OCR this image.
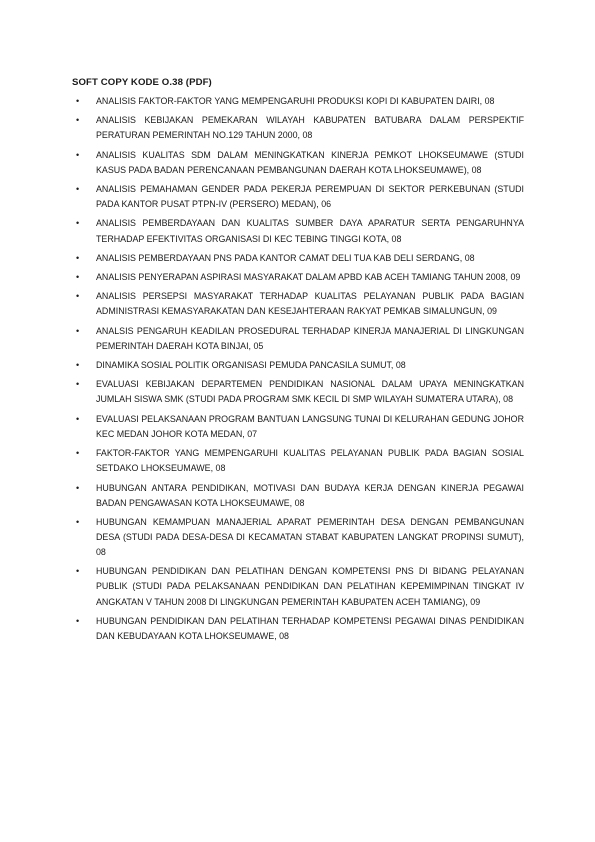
SOFT COPY KODE O.38 (PDF)
• ANALISIS FAKTOR-FAKTOR YANG MEMPENGARUHI PRODUKSI KOPI DI KABUPATEN DAIRI, 08
• ANALISIS KEBIJAKAN PEMEKARAN WILAYAH KABUPATEN BATUBARA DALAM PERSPEKTIF PERATURAN PEMERINTAH NO.129 TAHUN 2000, 08
• ANALISIS KUALITAS SDM DALAM MENINGKATKAN KINERJA PEMKOT LHOKSEUMAWE (STUDI KASUS PADA BADAN PERENCANAAN PEMBANGUNAN DAERAH KOTA LHOKSEUMAWE), 08
• ANALISIS PEMAHAMAN GENDER PADA PEKERJA PEREMPUAN DI SEKTOR PERKEBUNAN (STUDI PADA KANTOR PUSAT PTPN-IV (PERSERO) MEDAN), 06
• ANALISIS PEMBERDAYAAN DAN KUALITAS SUMBER DAYA APARATUR SERTA PENGARUHNYA TERHADAP EFEKTIVITAS ORGANISASI DI KEC TEBING TINGGI KOTA, 08
• ANALISIS PEMBERDAYAAN PNS PADA KANTOR CAMAT DELI TUA KAB DELI SERDANG, 08
• ANALISIS PENYERAPAN ASPIRASI MASYARAKAT DALAM APBD KAB ACEH TAMIANG TAHUN 2008, 09
• ANALISIS PERSEPSI MASYARAKAT TERHADAP KUALITAS PELAYANAN PUBLIK PADA BAGIAN ADMINISTRASI KEMASYARAKATAN DAN KESEJAHTERAAN RAKYAT PEMKAB SIMALUNGUN, 09
• ANALSIS PENGARUH KEADILAN PROSEDURAL TERHADAP KINERJA MANAJERIAL DI LINGKUNGAN PEMERINTAH DAERAH KOTA BINJAI, 05
• DINAMIKA SOSIAL POLITIK ORGANISASI PEMUDA PANCASILA SUMUT, 08
• EVALUASI KEBIJAKAN DEPARTEMEN PENDIDIKAN NASIONAL DALAM UPAYA MENINGKATKAN JUMLAH SISWA SMK (STUDI PADA PROGRAM SMK KECIL DI SMP WILAYAH SUMATERA UTARA), 08
• EVALUASI PELAKSANAAN PROGRAM BANTUAN LANGSUNG TUNAI DI KELURAHAN GEDUNG JOHOR KEC MEDAN JOHOR KOTA MEDAN, 07
• FAKTOR-FAKTOR YANG MEMPENGARUHI KUALITAS PELAYANAN PUBLIK PADA BAGIAN SOSIAL SETDAKO LHOKSEUMAWE, 08
• HUBUNGAN ANTARA PENDIDIKAN, MOTIVASI DAN BUDAYA KERJA DENGAN KINERJA PEGAWAI BADAN PENGAWASAN KOTA LHOKSEUMAWE, 08
• HUBUNGAN KEMAMPUAN MANAJERIAL APARAT PEMERINTAH DESA DENGAN PEMBANGUNAN DESA (STUDI PADA DESA-DESA DI KECAMATAN STABAT KABUPATEN LANGKAT PROPINSI SUMUT), 08
• HUBUNGAN PENDIDIKAN DAN PELATIHAN DENGAN KOMPETENSI PNS DI BIDANG PELAYANAN PUBLIK (STUDI PADA PELAKSANAAN PENDIDIKAN DAN PELATIHAN KEPEMIMPINAN TINGKAT IV ANGKATAN V TAHUN 2008 DI LINGKUNGAN PEMERINTAH KABUPATEN ACEH TAMIANG), 09
• HUBUNGAN PENDIDIKAN DAN PELATIHAN TERHADAP KOMPETENSI PEGAWAI DINAS PENDIDIKAN DAN KEBUDAYAAN KOTA LHOKSEUMAWE, 08
